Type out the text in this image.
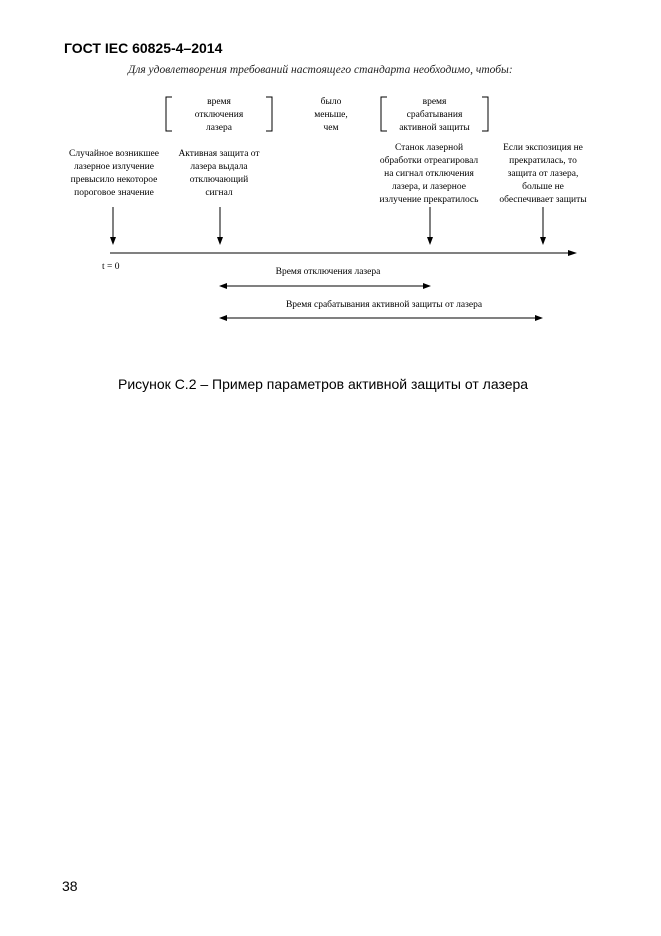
ГОСТ IEC 60825-4–2014
Для удовлетворения требований настоящего стандарта необходимо, чтобы:
время
отключения
лазера
было
меньше,
чем
время
срабатывания
активной защиты
Случайное возникшее
лазерное излучение
превысило некоторое
пороговое значение
Активная защита от
лазера выдала
отключающий
сигнал
Станок лазерной
обработки отреагировал
на сигнал отключения
лазера, и лазерное
излучение прекратилось
Если экспозиция не
прекратилась, то
защита от лазера,
больше не
обеспечивает защиты
t = 0	Время отключения лазера
Время срабатывания активной защиты от лазера
Рисунок С.2 – Пример параметров активной защиты от лазера
38
